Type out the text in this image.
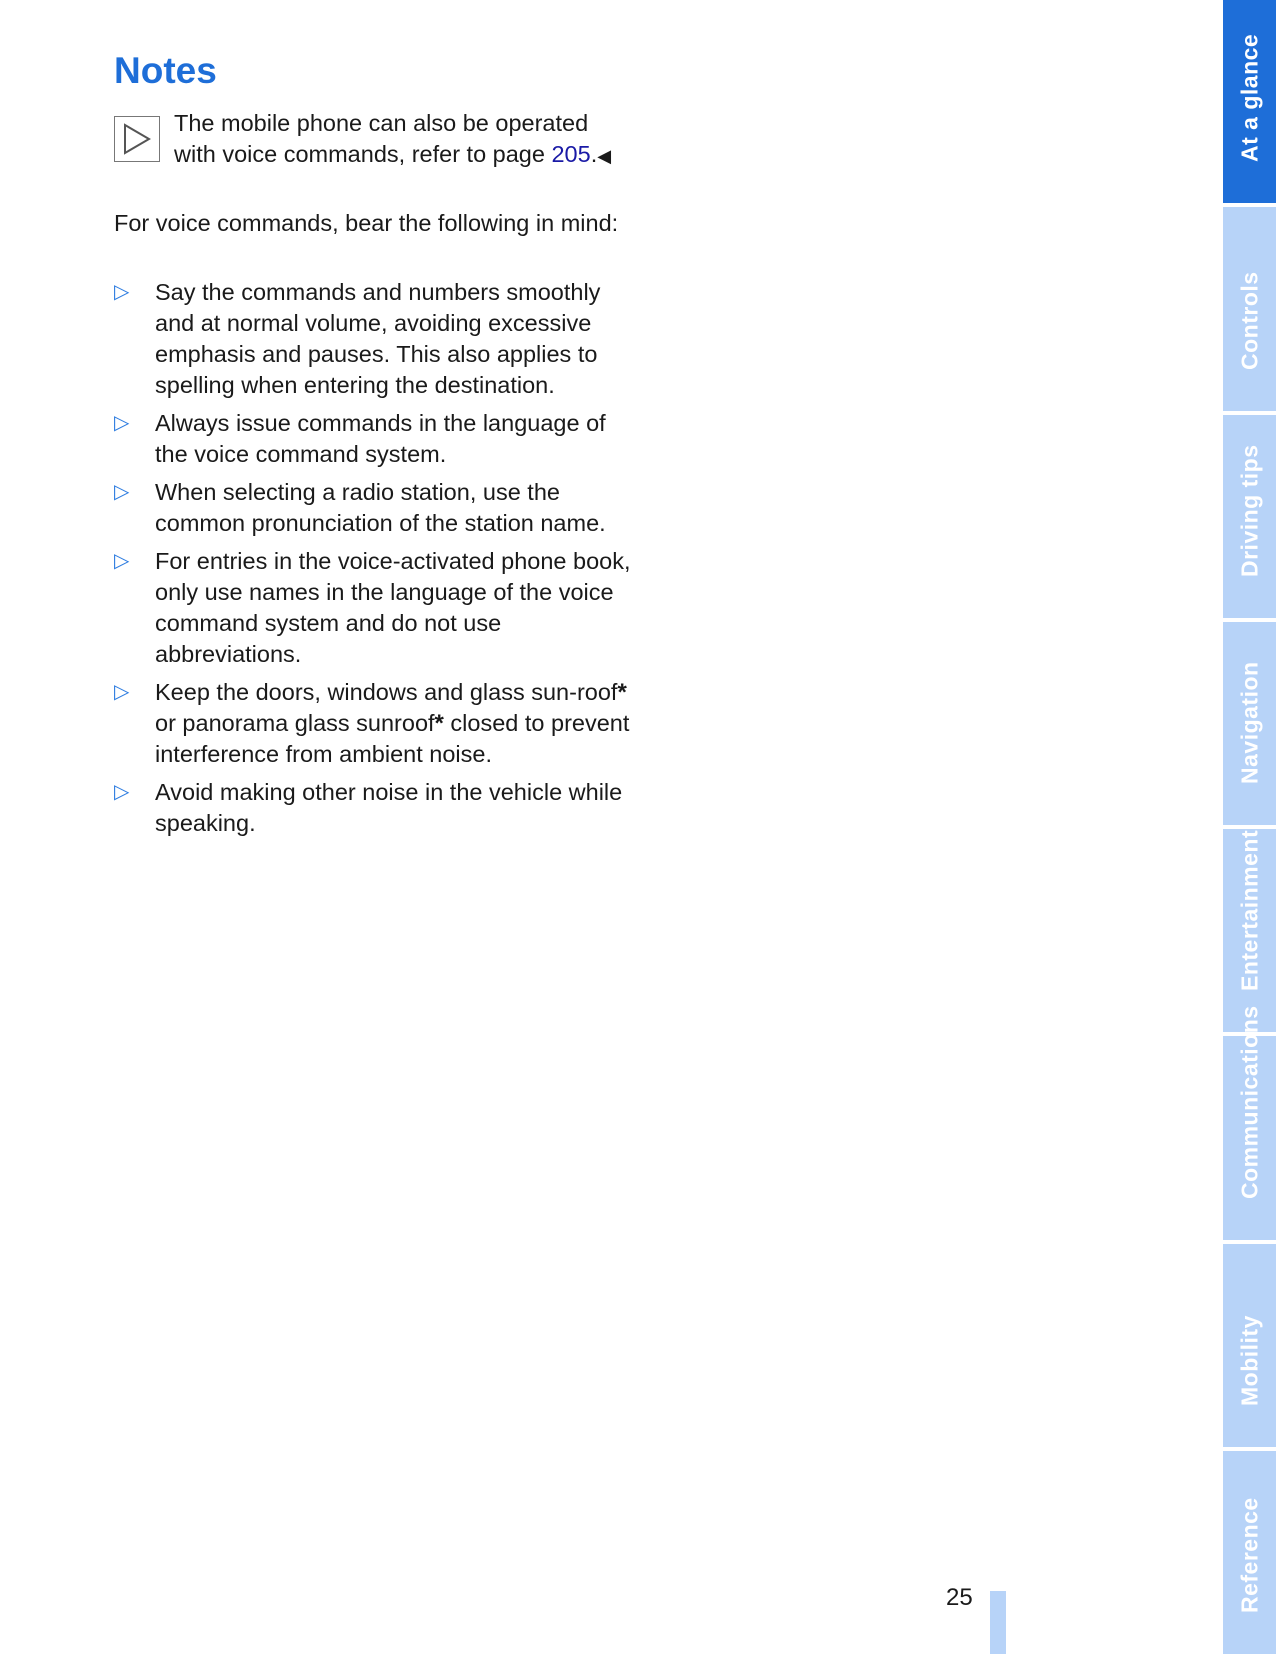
Notes
The mobile phone can also be operated with voice commands, refer to page 205.◀

For voice commands, bear the following in mind:

▷ Say the commands and numbers smoothly and at normal volume, avoiding excessive emphasis and pauses. This also applies to spelling when entering the destination.
▷ Always issue commands in the language of the voice command system.
▷ When selecting a radio station, use the common pronunciation of the station name.
▷ For entries in the voice-activated phone book, only use names in the language of the voice command system and do not use abbreviations.
▷ Keep the doors, windows and glass sun-roof* or panorama glass sunroof* closed to prevent interference from ambient noise.
▷ Avoid making other noise in the vehicle while speaking.
25
At a glance
Controls
Driving tips
Navigation
Entertainment
Communications
Mobility
Reference
